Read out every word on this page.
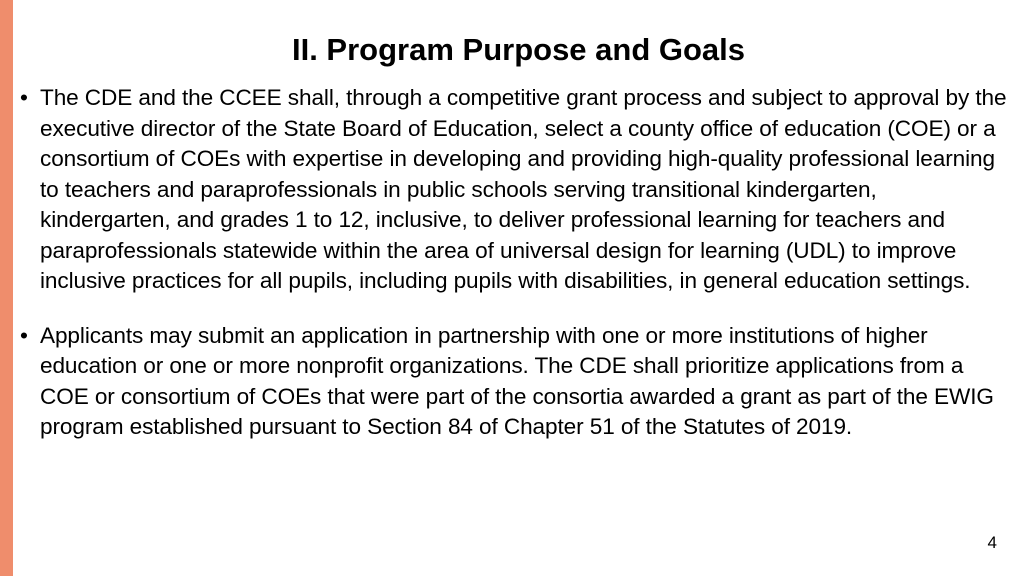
II. Program Purpose and Goals
• The CDE and the CCEE shall, through a competitive grant process and subject to approval by the executive director of the State Board of Education, select a county office of education (COE) or a consortium of COEs with expertise in developing and providing high-quality professional learning to teachers and paraprofessionals in public schools serving transitional kindergarten, kindergarten, and grades 1 to 12, inclusive, to deliver professional learning for teachers and paraprofessionals statewide within the area of universal design for learning (UDL) to improve inclusive practices for all pupils, including pupils with disabilities, in general education settings.
• Applicants may submit an application in partnership with one or more institutions of higher education or one or more nonprofit organizations. The CDE shall prioritize applications from a COE or consortium of COEs that were part of the consortia awarded a grant as part of the EWIG program established pursuant to Section 84 of Chapter 51 of the Statutes of 2019.
4
